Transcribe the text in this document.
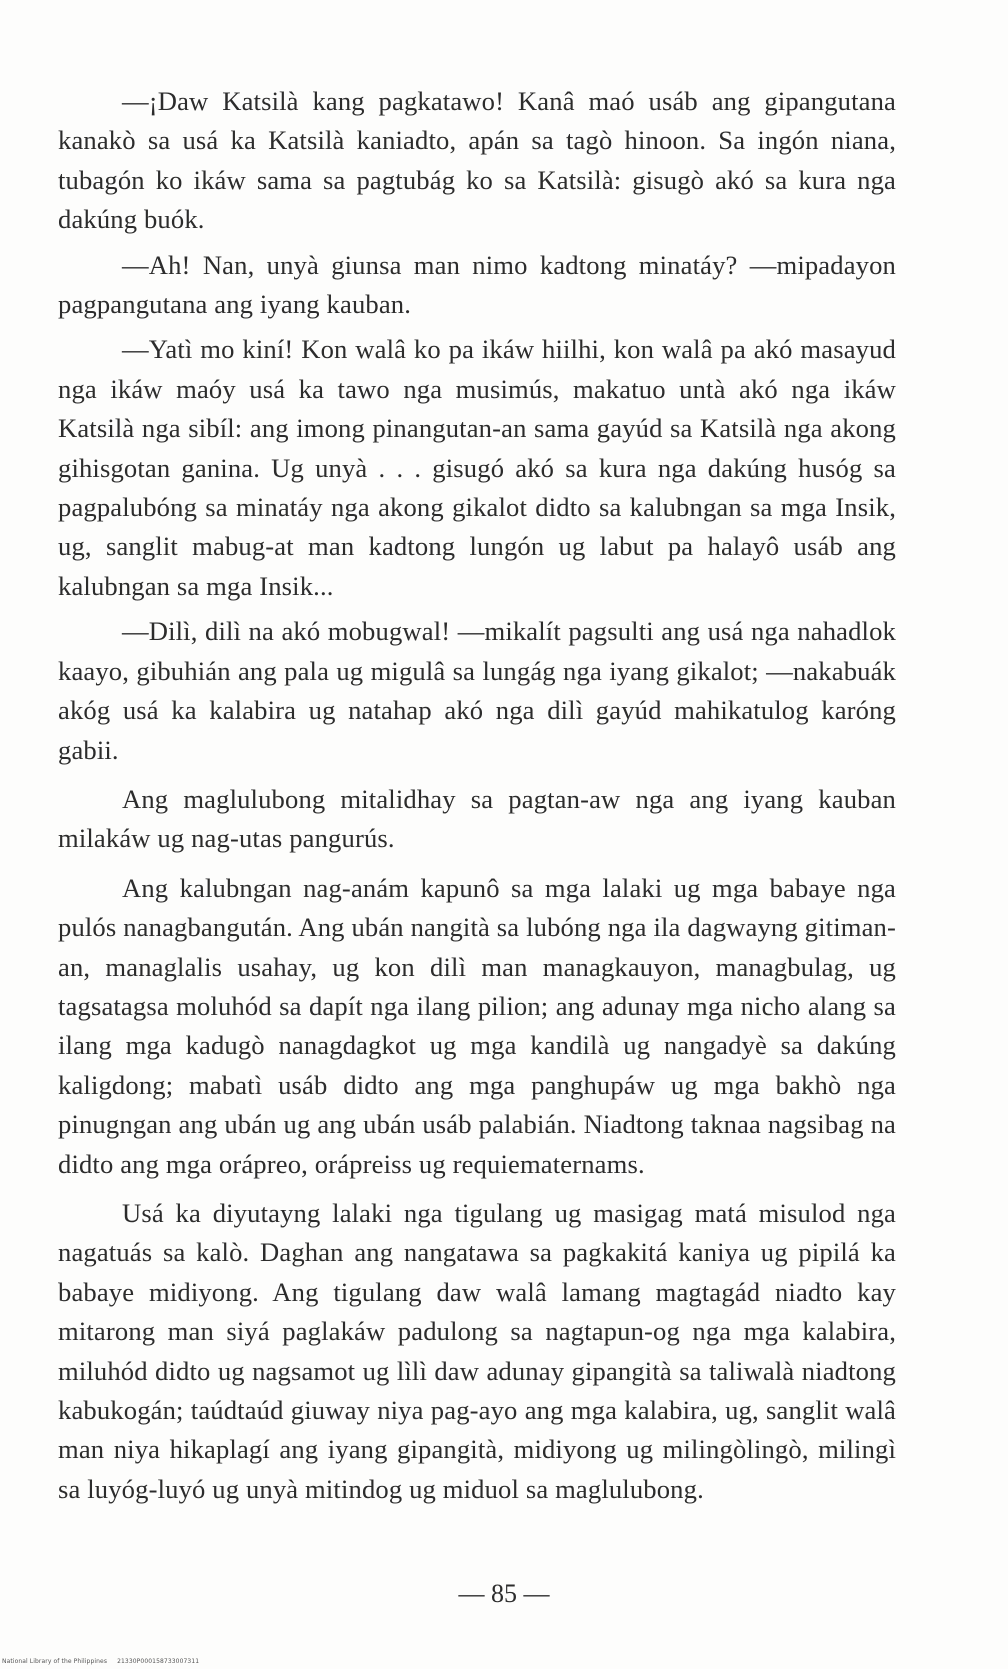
—¡Daw Katsilà kang pagkatawo! Kanâ maó usáb ang gipangutana kanakò sa usá ka Katsilà kaniadto, apán sa tagò hinoon. Sa ingón niana, tubagón ko ikáw sama sa pagtubág ko sa Katsilà: gisugò akó sa kura nga dakúng buók.

—Ah! Nan, unyà giunsa man nimo kadtong minatáy? —mipadayon pagpangutana ang iyang kauban.

—Yatì mo kiní! Kon walâ ko pa ikáw hiilhi, kon walâ pa akó masayud nga ikáw maóy usá ka tawo nga musimús, makatuo untà akó nga ikáw Katsilà nga sibíl: ang imong pinangutan-an sama gayúd sa Katsilà nga akong gihisgotan ganina. Ug unyà . . . gisugó akó sa kura nga dakúng husóg sa pagpalubóng sa minatáy nga akong gikalot didto sa kalubngan sa mga Insik, ug, sanglit mabug-at man kadtong lungón ug labut pa halayô usáb ang kalubngan sa mga Insik...

—Dilì, dilì na akó mobugwal! —mikalít pagsulti ang usá nga nahadlok kaayo, gibuhián ang pala ug migulâ sa lungág nga iyang gikalot; —nakabuák akóg usá ka kalabira ug natahap akó nga dilì gayúd mahikatulog karóng gabii.

Ang maglulubong mitalidhay sa pagtan-aw nga ang iyang kauban milakáw ug nag-utas pangurús.

Ang kalubngan nag-anám kapunô sa mga lalaki ug mga babaye nga pulós nanagbangután. Ang ubán nangità sa lubóng nga ila dagwayng gitiman-an, managlalis usahay, ug kon dilì man managkauyon, managbulag, ug tagsatagsa moluhód sa dapít nga ilang pilion; ang adunay mga nicho alang sa ilang mga kadugò nanagdagkot ug mga kandilà ug nangadyè sa dakúng kaligdong; mabatì usáb didto ang mga panghupáw ug mga bakhò nga pinugngan ang ubán ug ang ubán usáb palabián. Niadtong taknaa nagsibag na didto ang mga orápreo, orápreiss ug requiematernams.

Usá ka diyutayng lalaki nga tigulang ug masigag matá misulod nga nagatuás sa kalò. Daghan ang nangatawa sa pagkakitá kaniya ug pipilá ka babaye midiyong. Ang tigulang daw walâ lamang magtagád niadto kay mitarong man siyá paglakáw padulong sa nagtapun-og nga mga kalabira, miluhód didto ug nagsamot ug lìlì daw adunay gipangità sa taliwalà niadtong kabukogán; taúdtaúd giuway niya pag-ayo ang mga kalabira, ug, sanglit walâ man niya hikaplagí ang iyang gipangità, midiyong ug milingòlingò, milingì sa luyóg-luyó ug unyà mitindog ug miduol sa maglulubong.

— 85 —
National Library of the Philippines 21330P000158733007311
